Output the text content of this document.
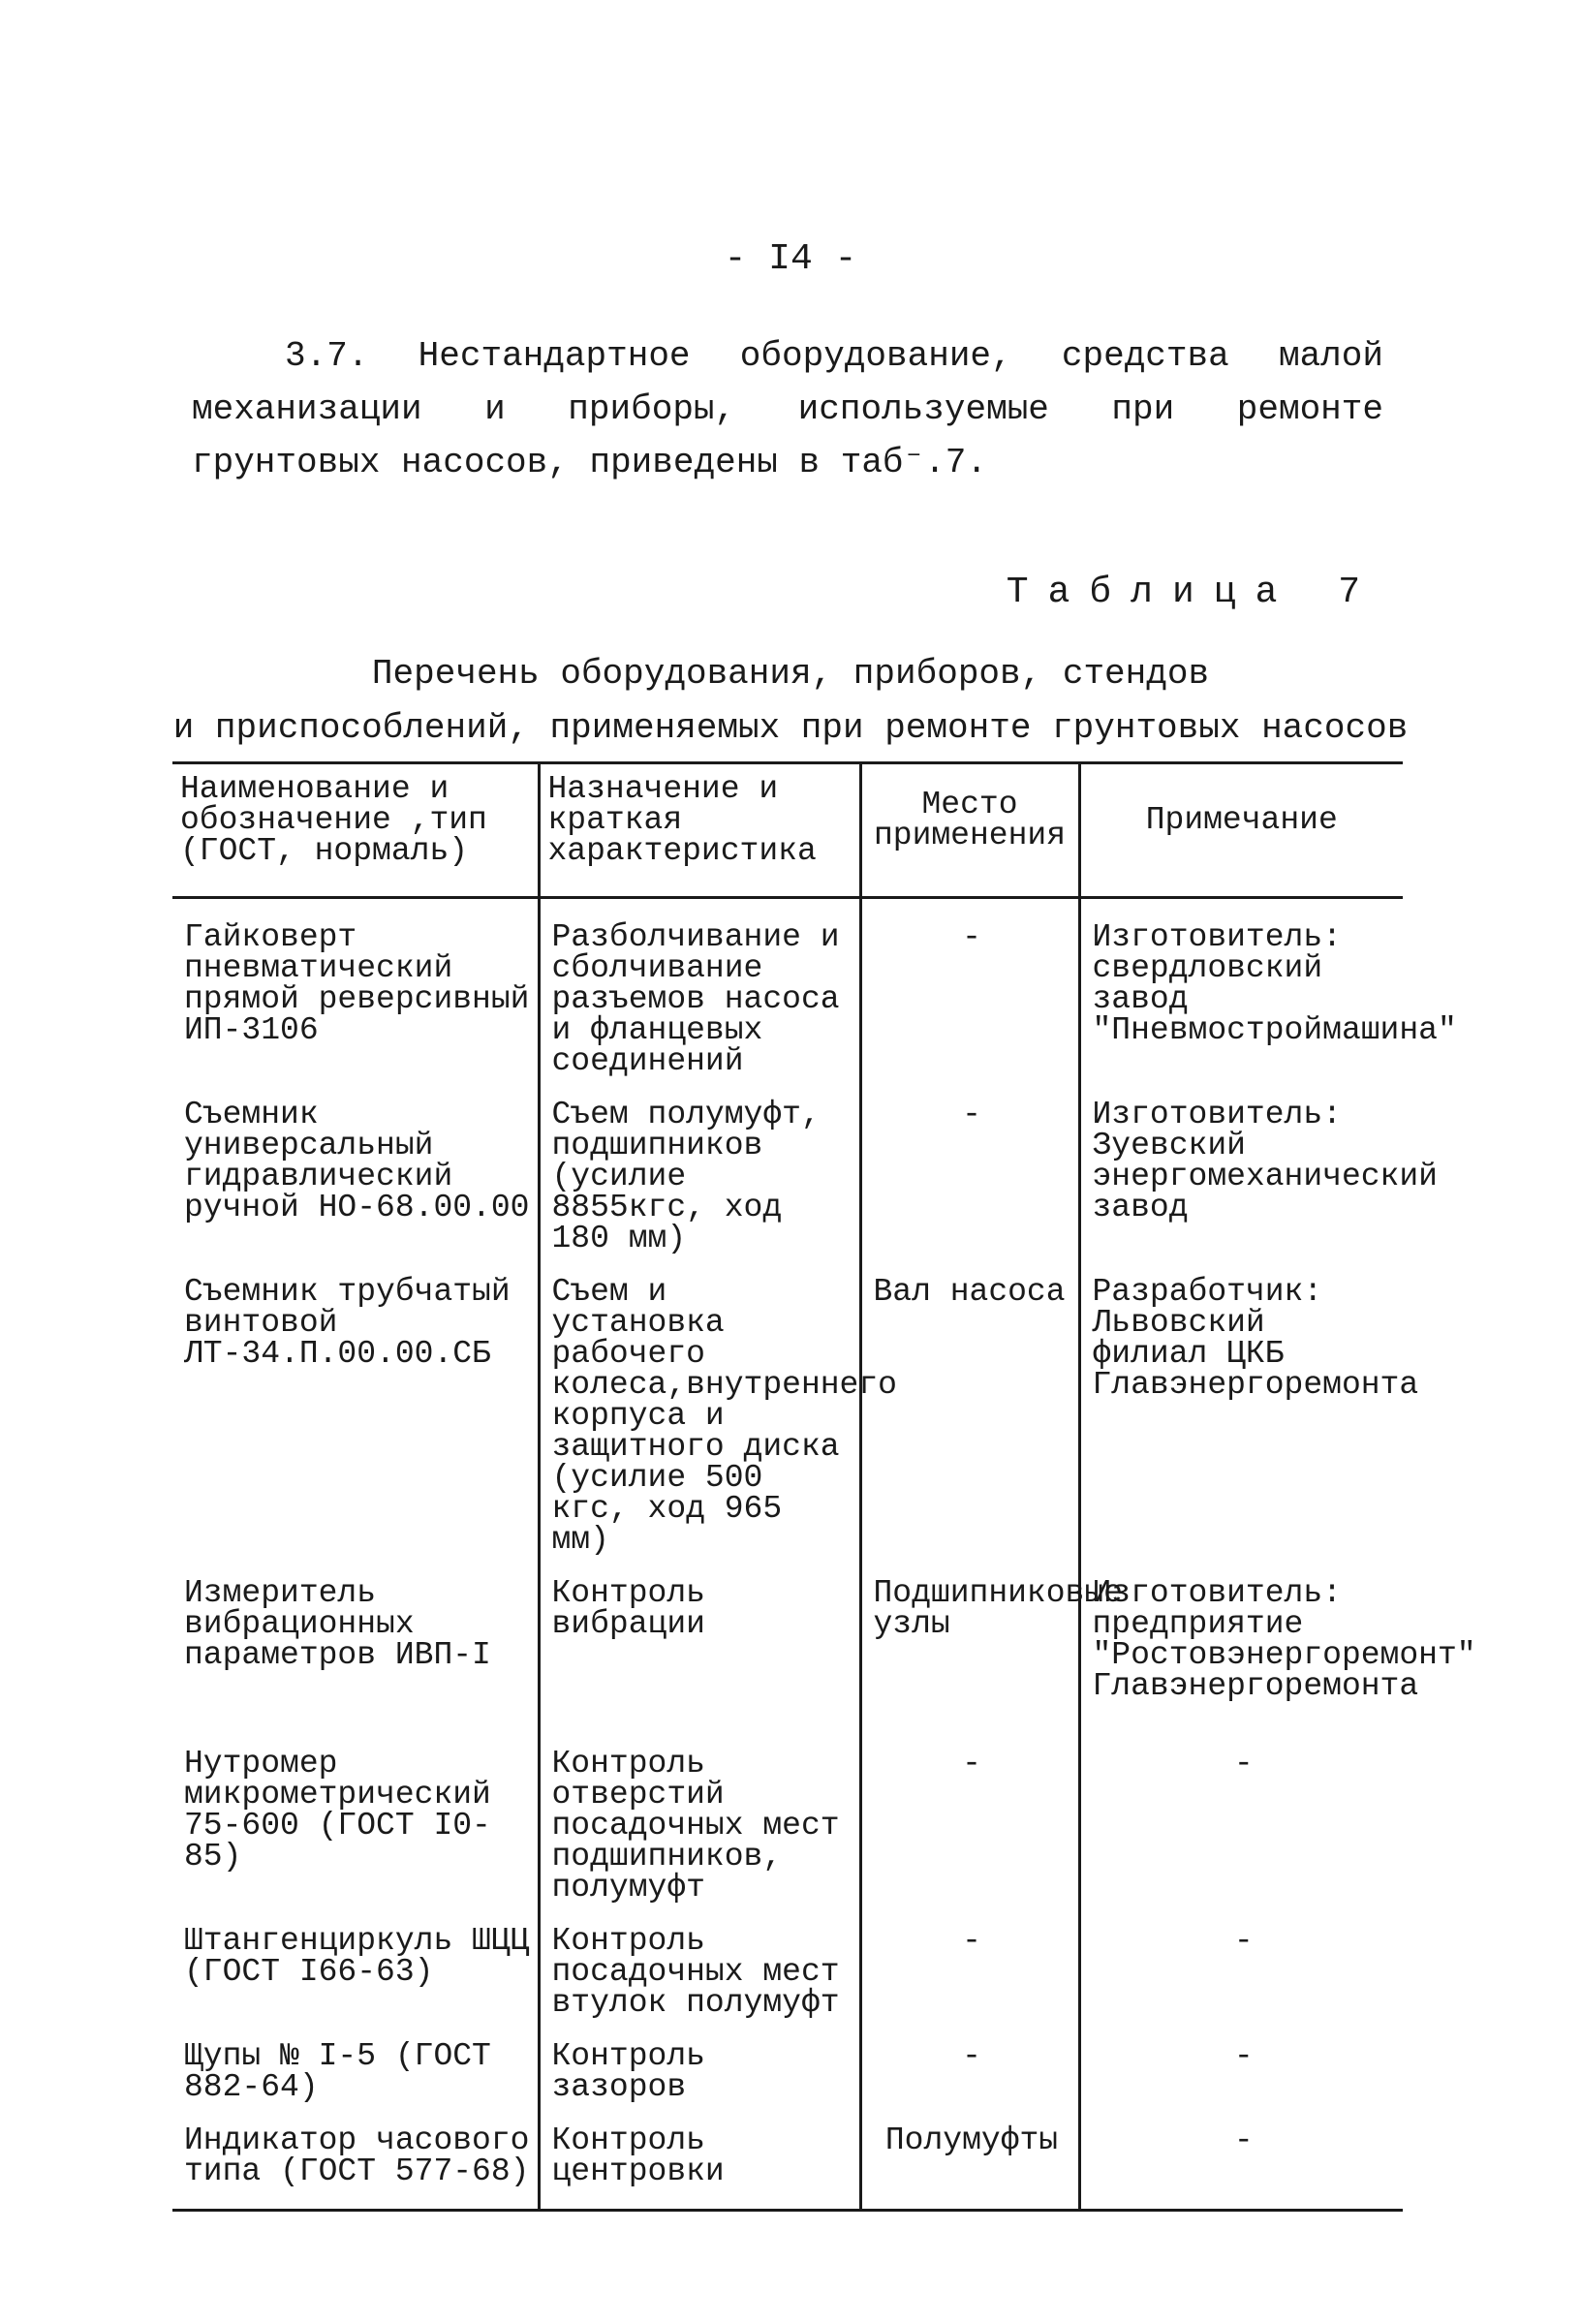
- I4 -

3.7. Нестандартное оборудование, средства малой механизации и приборы, используемые при ремонте грунтовых насосов, приведены в таб⁻.7.

Таблица 7
Перечень оборудования, приборов, стендов
и приспособлений, применяемых при ремонте грунтовых насосов
Наименование и обозначение ,тип (ГОСТ, нормаль)	Назначение и краткая характеристика	Место применения	Примечание
Гайковерт пневматический прямой реверсивный ИП-3106	Разболчивание и сболчивание разъемов насоса и фланцевых соединений	-	Изготовитель: свердловский завод "Пневмостроймашина"
Съемник универсальный гидравлический ручной НО-68.00.00	Съем полумуфт, подшипников (усилие 8855кгс, ход 180 мм)	-	Изготовитель: Зуевский энергомеханический завод
Съемник трубчатый винтовой ЛТ-34.П.00.00.СБ	Съем и установка рабочего колеса,внутреннего корпуса и защитного диска (усилие 500 кгс, ход 965 мм)	Вал насоса	Разработчик: Львовский филиал ЦКБ Главэнергоремонта
Измеритель вибрационных параметров ИВП-I	Контроль вибрации	Подшипниковые узлы	Изготовитель: предприятие "Ростовэнергоремонт" Главэнергоремонта
Нутромер микрометрический 75-600 (ГОСТ I0-85)	Контроль отверстий посадочных мест подшипников, полумуфт	-	-
Штангенциркуль ШЦЦ (ГОСТ I66-63)	Контроль посадочных мест втулок полумуфт	-	-
Щупы № I-5 (ГОСТ 882-64)	Контроль зазоров	-	-
Индикатор часового типа (ГОСТ 577-68)	Контроль центровки	Полумуфты	-
